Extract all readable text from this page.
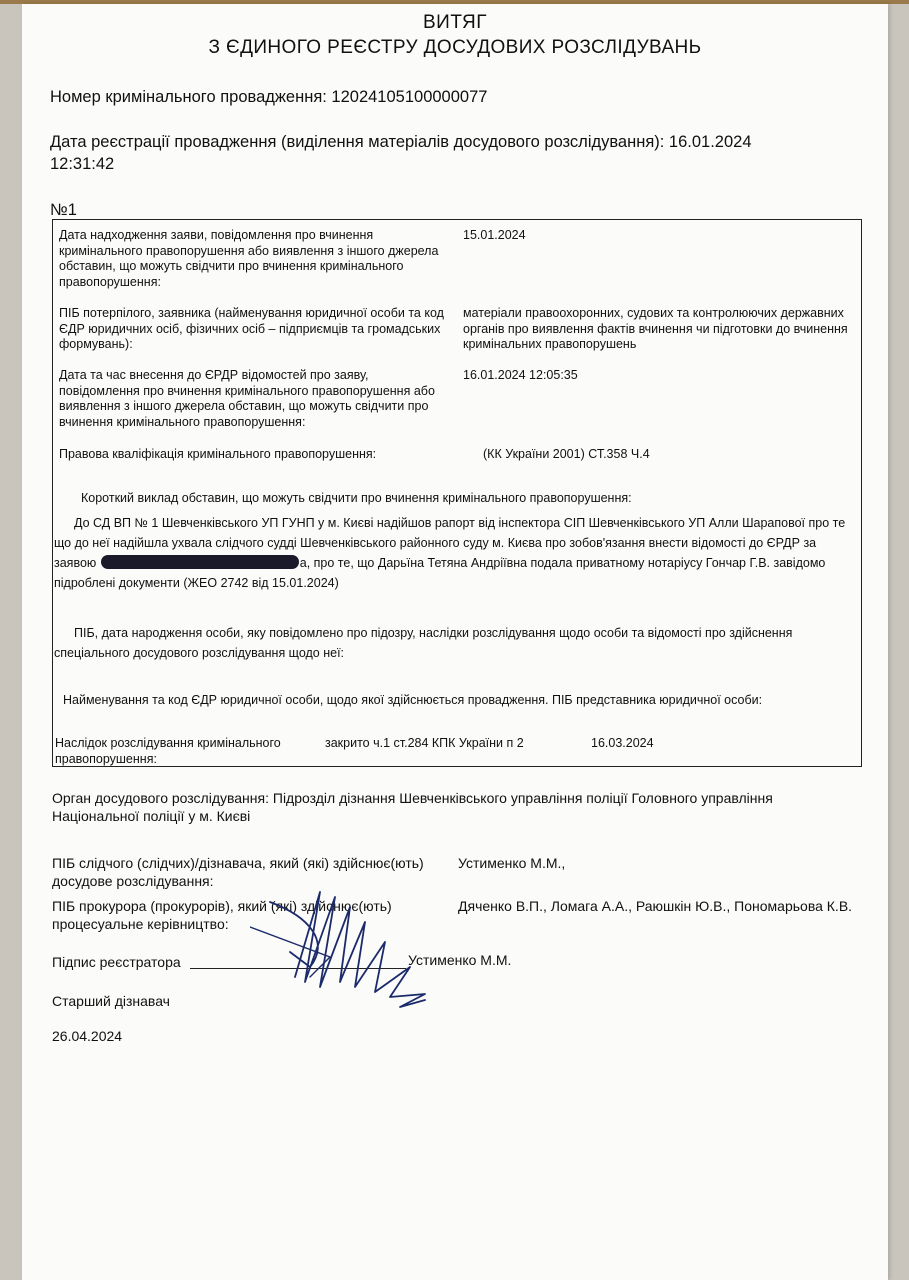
ВИТЯГ
З ЄДИНОГО РЕЄСТРУ ДОСУДОВИХ РОЗСЛІДУВАНЬ
Номер кримінального провадження: 12024105100000077
Дата реєстрації провадження (виділення матеріалів досудового розслідування): 16.01.2024
12:31:42
№1
Дата надходження заяви, повідомлення про вчинення кримінального правопорушення або виявлення з іншого джерела обставин, що можуть свідчити про вчинення кримінального правопорушення:
15.01.2024
ПІБ потерпілого, заявника (найменування юридичної особи та код ЄДР юридичних осіб, фізичних осіб – підприємців та громадських формувань):
матеріали правоохоронних, судових та контролюючих державних органів про виявлення фактів вчинення чи підготовки до вчинення кримінальних правопорушень
Дата та час внесення до ЄРДР відомостей про заяву, повідомлення про вчинення кримінального правопорушення або виявлення з іншого джерела обставин, що можуть свідчити про вчинення кримінального правопорушення:
16.01.2024 12:05:35
Правова кваліфікація кримінального правопорушення:	(КК України 2001) СТ.358 Ч.4
Короткий виклад обставин, що можуть свідчити про вчинення кримінального правопорушення:
До СД ВП № 1 Шевченківського УП ГУНП у м. Києві надійшов рапорт від інспектора СІП Шевченківського УП Алли Шарапової про те що до неї надійшла ухвала слідчого судді Шевченківського районного суду м. Києва про зобов'язання внести відомості до ЄРДР за заявою	а, про те, що Дарьїна Тетяна Андріївна подала приватному нотаріусу Гончар Г.В. завідомо підроблені документи (ЖЕО 2742 від 15.01.2024)
ПІБ, дата народження особи, яку повідомлено про підозру, наслідки розслідування щодо особи та відомості про здійснення спеціального досудового розслідування щодо неї:
Найменування та код ЄДР юридичної особи, щодо якої здійснюється провадження. ПІБ представника юридичної особи:
Наслідок розслідування кримінального правопорушення:
закрито ч.1 ст.284 КПК України п 2	16.03.2024
Орган досудового розслідування: Підрозділ дізнання Шевченківського управління поліції Головного управління Національної поліції у м. Києві
ПІБ слідчого (слідчих)/дізнавача, який (які) здійснює(ють) досудове розслідування:
Устименко М.М.,
ПІБ прокурора (прокурорів), який (які) здійснює(ють) процесуальне керівництво:
Дяченко В.П., Ломага А.А., Раюшкін Ю.В., Пономарьова К.В.
Підпис реєстратора	Устименко М.М.
Старший дізнавач
26.04.2024
